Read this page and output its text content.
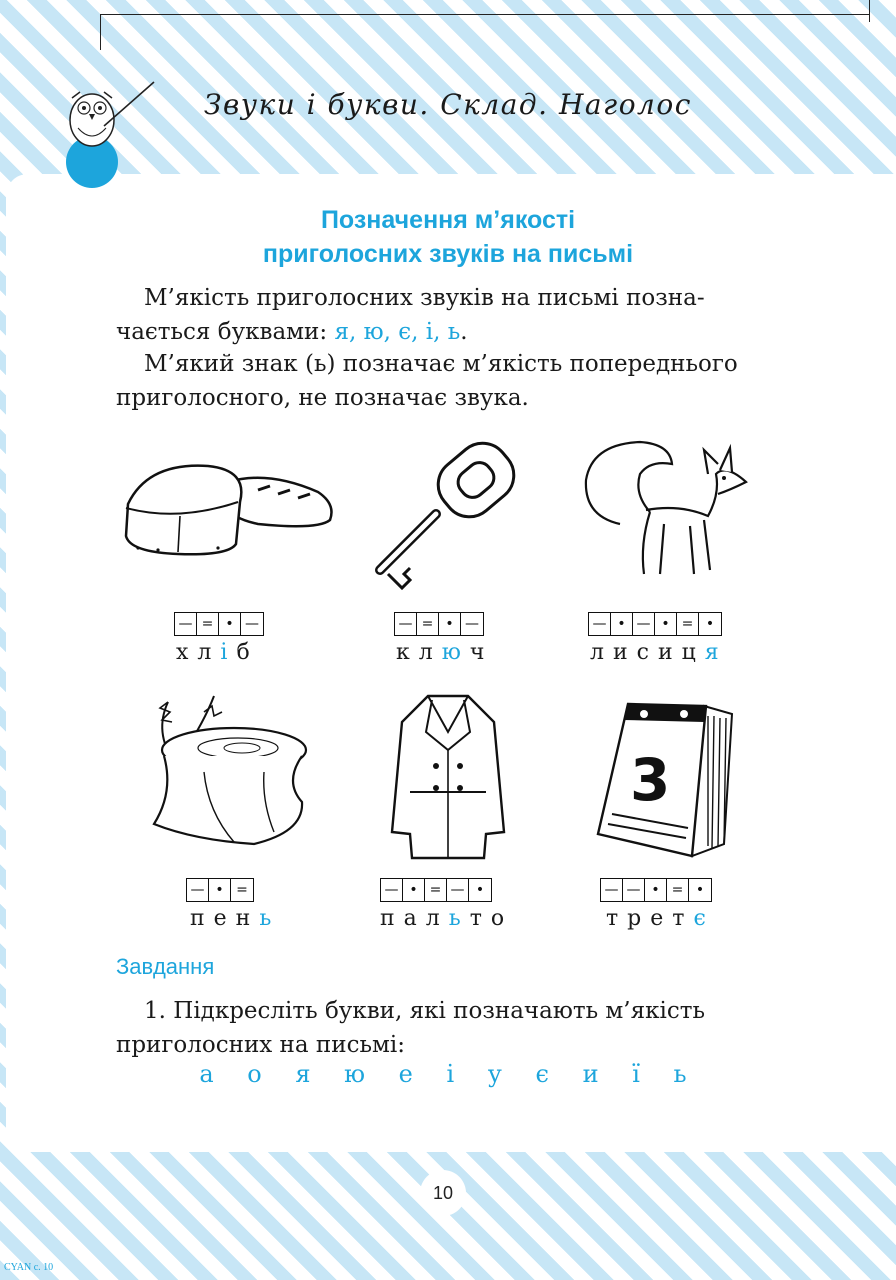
Звуки і букви. Склад. Наголос
Позначення м’якості
приголосних звуків на письмі
М’якість приголосних звуків на письмі позна-
чається буквами: я, ю, є, і, ь.
М’який знак (ь) позначає м’якість попереднього
приголосного, не позначає звука.
3
— = • —	— = • —	— • — • = •
— • =	— • = — •	— — • = •
хліб	ключ	лисиця
пень	пальто	третє
Завдання
1. Підкресліть букви, які позначають м’якість
приголосних на письмі:
а о я ю е і у є и ї ь
10
CYAN c. 10
